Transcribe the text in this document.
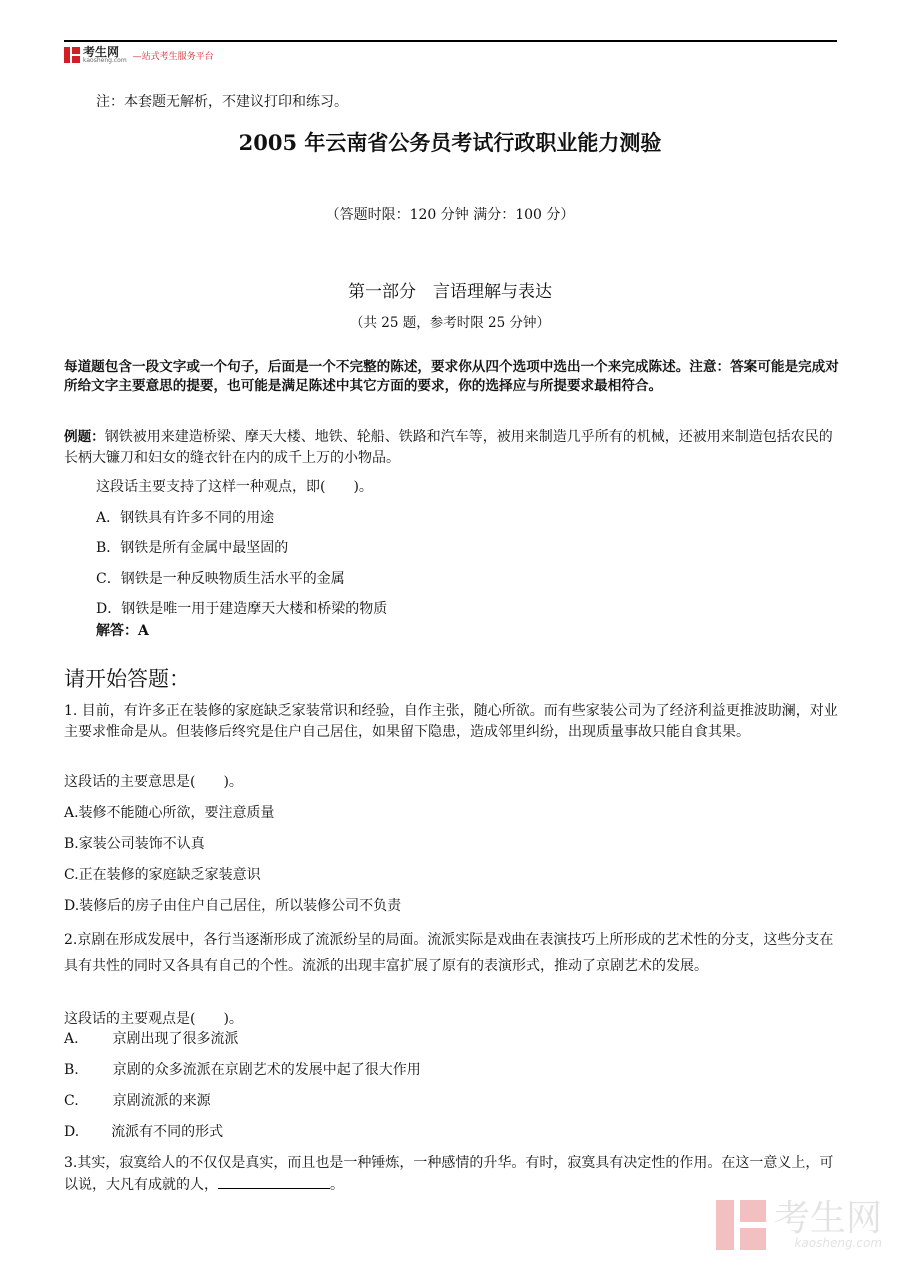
考生网
kaosheng.com —站式考生服务平台
注：本套题无解析，不建议打印和练习。
2005 年云南省公务员考试行政职业能力测验
（答题时限：120 分钟 满分：100 分）
第一部分　言语理解与表达
（共 25 题，参考时限 25 分钟）
每道题包含一段文字或一个句子，后面是一个不完整的陈述，要求你从四个选项中选出一个来完成陈述。注意：答案可能是完成对所给文字主要意思的提要，也可能是满足陈述中其它方面的要求，你的选择应与所提要求最相符合。
例题：钢铁被用来建造桥梁、摩天大楼、地铁、轮船、铁路和汽车等，被用来制造几乎所有的机械，还被用来制造包括农民的长柄大镰刀和妇女的缝衣针在内的成千上万的小物品。
这段话主要支持了这样一种观点，即(　　)。
A．钢铁具有许多不同的用途
B．钢铁是所有金属中最坚固的
C．钢铁是一种反映物质生活水平的金属
D．钢铁是唯一用于建造摩天大楼和桥梁的物质
解答：A
请开始答题：
1. 目前，有许多正在装修的家庭缺乏家装常识和经验，自作主张，随心所欲。而有些家装公司为了经济利益更推波助澜，对业主要求惟命是从。但装修后终究是住户自己居住，如果留下隐患，造成邻里纠纷，出现质量事故只能自食其果。
这段话的主要意思是(　　)。
A.装修不能随心所欲，要注意质量
B.家装公司装饰不认真
C.正在装修的家庭缺乏家装意识
D.装修后的房子由住户自己居住，所以装修公司不负责
2.京剧在形成发展中，各行当逐渐形成了流派纷呈的局面。流派实际是戏曲在表演技巧上所形成的艺术性的分支，这些分支在具有共性的同时又各具有自己的个性。流派的出现丰富扩展了原有的表演形式，推动了京剧艺术的发展。
这段话的主要观点是(　　)。
A. 京剧出现了很多流派
B. 京剧的众多流派在京剧艺术的发展中起了很大作用
C. 京剧流派的来源
D. 流派有不同的形式
3.其实，寂寞给人的不仅仅是真实，而且也是一种锤炼，一种感情的升华。有时，寂寞具有决定性的作用。在这一意义上，可以说，大凡有成就的人，	。
考生网
kaosheng.com
